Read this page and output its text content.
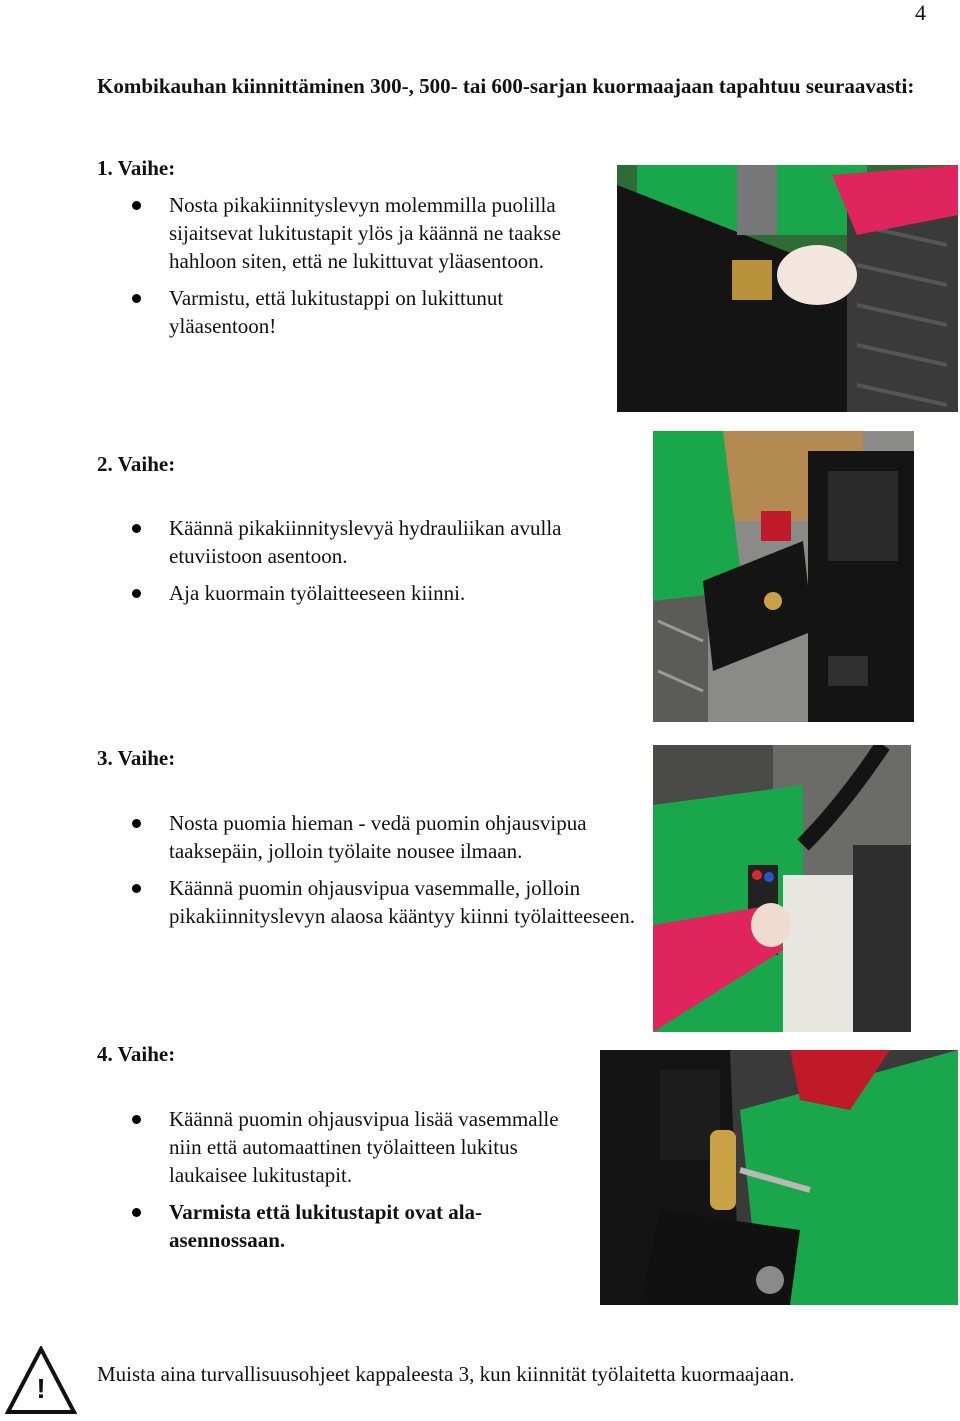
4
Kombikauhan kiinnittäminen 300-, 500- tai 600-sarjan kuormaajaan tapahtuu seuraavasti:
1. Vaihe:
Nosta pikakiinnityslevyn molemmilla puolilla sijaitsevat lukitustapit ylös ja käännä ne taakse hahloon siten, että ne lukittuvat yläasentoon.
Varmistu, että lukitustappi on lukittunut yläasentoon!
2. Vaihe:
Käännä pikakiinnityslevyä hydrauliikan avulla etuviistoon asentoon.
Aja kuormain työlaitteeseen kiinni.
3. Vaihe:
Nosta puomia hieman - vedä puomin ohjausvipua taaksepäin, jolloin työlaite nousee ilmaan.
Käännä puomin ohjausvipua vasemmalle, jolloin pikakiinnityslevyn alaosa kääntyy kiinni työlaitteeseen.
4. Vaihe:
Käännä puomin ohjausvipua lisää vasemmalle niin että automaattinen työlaitteen lukitus laukaisee lukitustapit.
Varmista että lukitustapit ovat ala-asennossaan.
!	Muista aina turvallisuusohjeet kappaleesta 3, kun kiinnität työlaitetta kuormaajaan.
